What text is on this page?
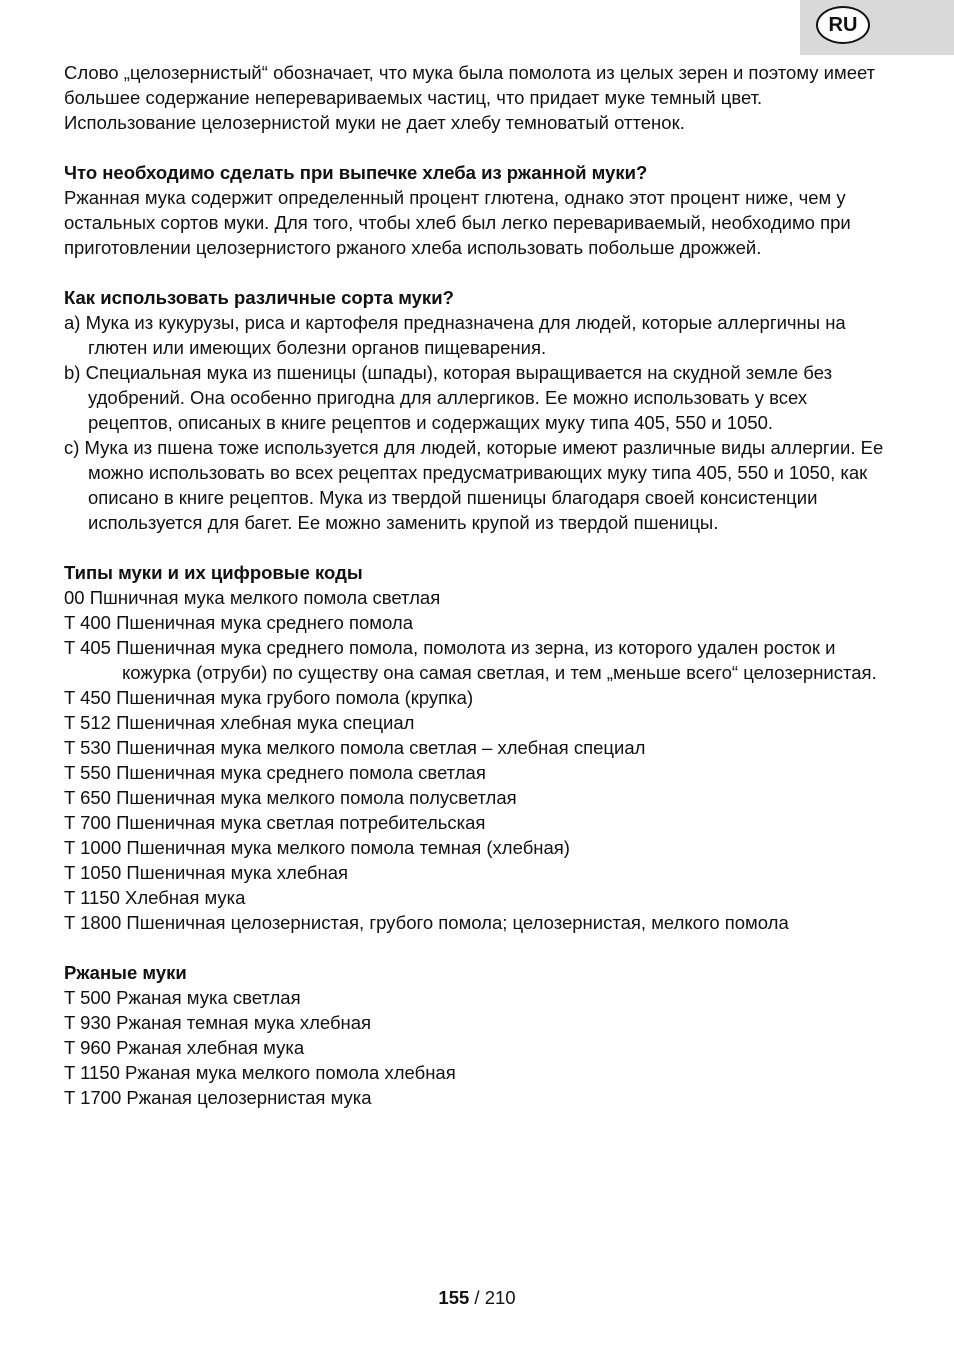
RU

Слово „целозернистый“ обозначает, что мука была помолота из целых зерен и поэтому имеет большее содержание неперевариваемых частиц, что придает муке темный цвет. Использование целозернистой муки не дает хлебу темноватый оттенок.

Что необходимо сделать при выпечке хлеба из ржанной муки?

Ржанная мука содержит определенный процент глютена, однако этот процент ниже, чем у остальных сортов муки. Для того, чтобы хлеб был легко перевариваемый, необходимо при приготовлении целозернистого ржаного хлеба использовать побольше дрожжей.

Как использовать различные сорта муки?

a) Мука из кукурузы, риса и картофеля предназначена для людей, которые аллергичны на глютен или имеющих болезни органов пищеварения.

b) Специальная мука из пшеницы (шпады), которая выращивается на скудной земле без удобрений. Она особенно пригодна для аллергиков. Ее можно использовать у всех рецептов, описаных в книге рецептов и содержащих муку типа 405, 550 и 1050.

c) Мука из пшена тоже используется для людей, которые имеют различные виды аллергии. Ее можно использовать во всех рецептах предусматривающих муку типа 405, 550 и 1050, как описано в книге рецептов. Мука из твердой пшеницы благодаря своей консистенции используется для багет. Ее можно заменить крупой из твердой пшеницы.

Типы муки и их цифровые коды

00 Пшничная мука мелкого помола светлая

T 400 Пшеничная мука среднего помола

T 405 Пшеничная мука среднего помола, помолота из зерна, из которого удален росток и кожурка (отруби) по существу она самая светлая, и тем „меньше всего“ целозернистая.

T 450 Пшеничная мука грубого помола (крупка)

T 512 Пшеничная хлебная мука специал

T 530 Пшеничная мука мелкого помола светлая – хлебная специал

T 550 Пшеничная мука среднего помола светлая

T 650 Пшеничная мука мелкого помола полусветлая

T 700 Пшеничная мука светлая потребительская

T 1000 Пшеничная мука мелкого помола темная (хлебная)

T 1050 Пшеничная мука хлебная

T 1150 Хлебная мука

T 1800 Пшеничная целозернистая, грубого помола; целозернистая, мелкого помола

Ржаные муки

T 500 Ржаная мука светлая

T 930 Ржаная темная мука хлебная

T 960 Ржаная хлебная мука

T 1150 Ржаная мука мелкого помола хлебная

T 1700 Ржаная целозернистая мука

155 / 210
